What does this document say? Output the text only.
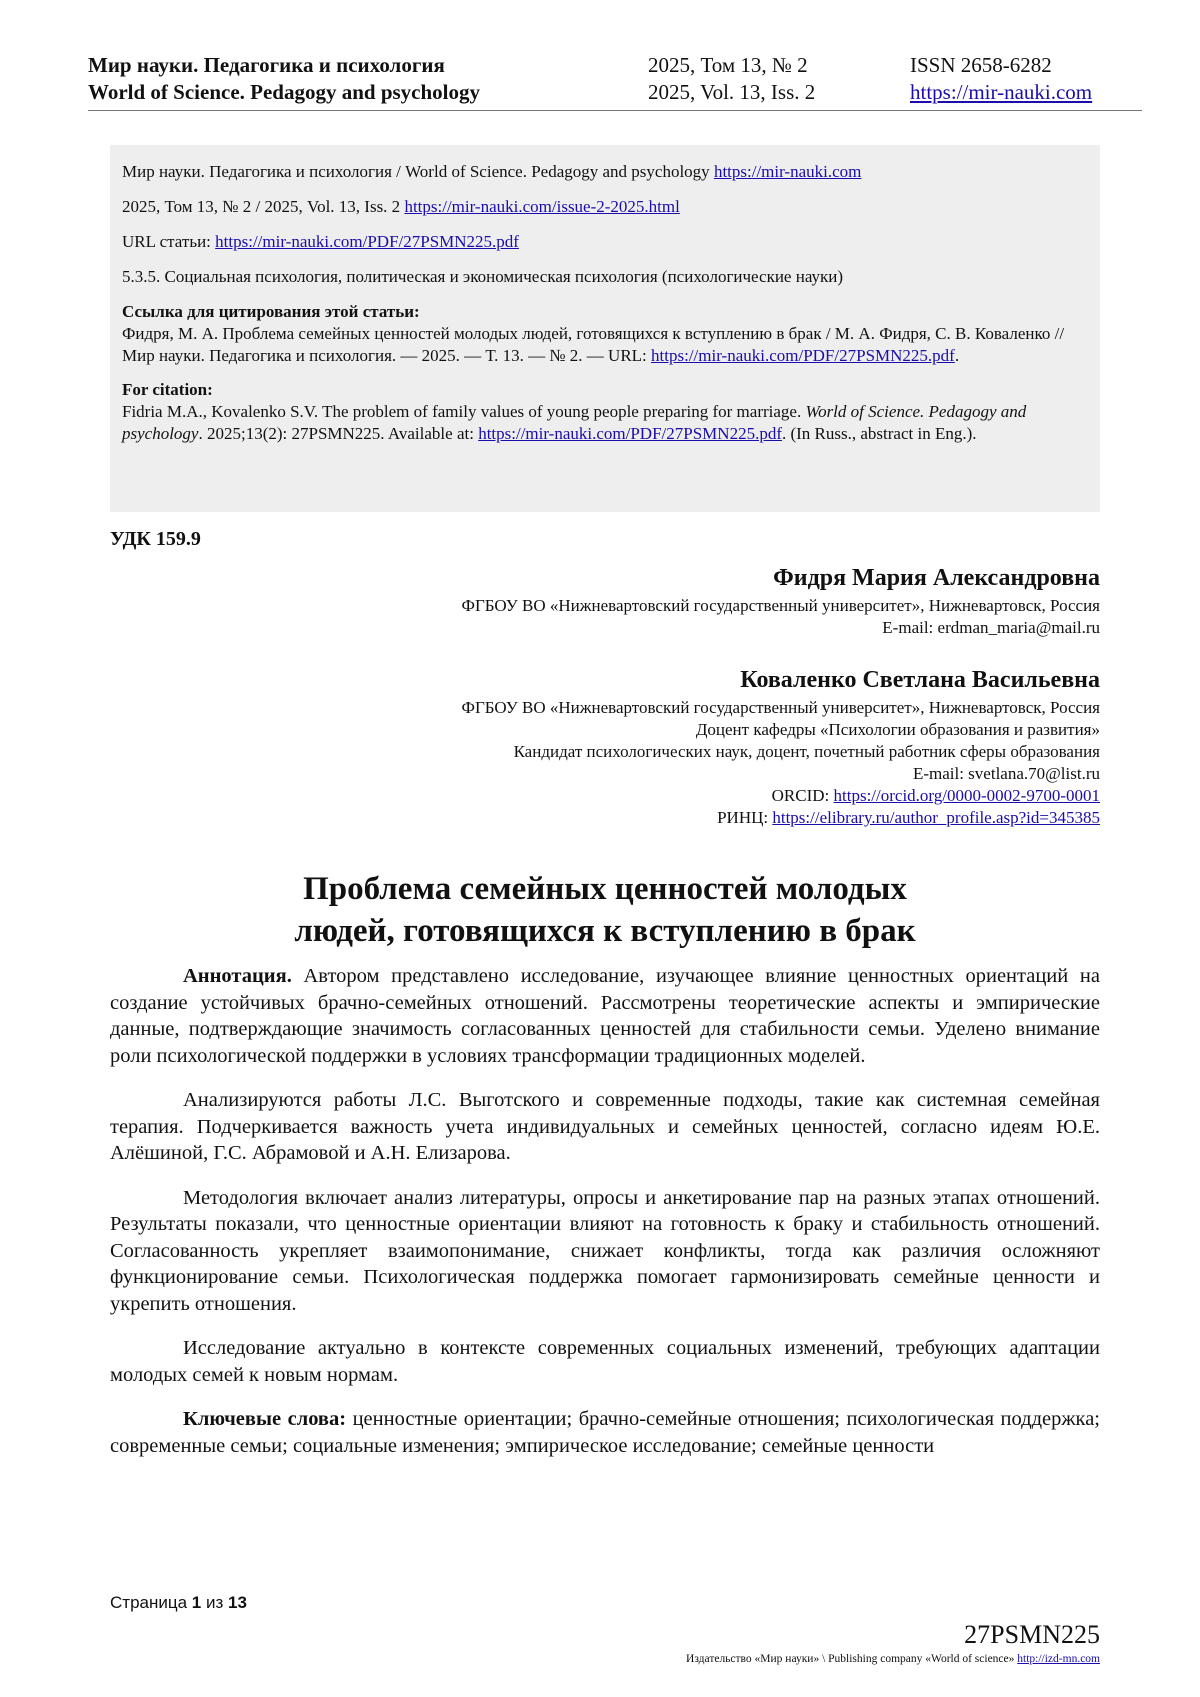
Мир науки. Педагогика и психология
World of Science. Pedagogy and psychology
2025, Том 13, № 2
2025, Vol. 13, Iss. 2
ISSN 2658-6282
https://mir-nauki.com

Мир науки. Педагогика и психология / World of Science. Pedagogy and psychology https://mir-nauki.com

2025, Том 13, № 2 / 2025, Vol. 13, Iss. 2 https://mir-nauki.com/issue-2-2025.html

URL статьи: https://mir-nauki.com/PDF/27PSMN225.pdf

5.3.5. Социальная психология, политическая и экономическая психология (психологические науки)

Ссылка для цитирования этой статьи:
Фидря, М. А. Проблема семейных ценностей молодых людей, готовящихся к вступлению в брак / М. А. Фидря, С. В. Коваленко // Мир науки. Педагогика и психология. — 2025. — Т. 13. — № 2. — URL: https://mir-nauki.com/PDF/27PSMN225.pdf.
For citation:
Fidria M.A., Kovalenko S.V. The problem of family values of young people preparing for marriage. World of Science. Pedagogy and psychology. 2025;13(2): 27PSMN225. Available at: https://mir-nauki.com/PDF/27PSMN225.pdf. (In Russ., abstract in Eng.).
УДК 159.9
Фидря Мария Александровна
ФГБОУ ВО «Нижневартовский государственный университет», Нижневартовск, Россия
E-mail: erdman_maria@mail.ru
Коваленко Светлана Васильевна
ФГБОУ ВО «Нижневартовский государственный университет», Нижневартовск, Россия
Доцент кафедры «Психологии образования и развития»
Кандидат психологических наук, доцент, почетный работник сферы образования
E-mail: svetlana.70@list.ru
ORCID: https://orcid.org/0000-0002-9700-0001
РИНЦ: https://elibrary.ru/author_profile.asp?id=345385
Проблема семейных ценностей молодых
людей, готовящихся к вступлению в брак

Аннотация. Автором представлено исследование, изучающее влияние ценностных ориентаций на создание устойчивых брачно-семейных отношений. Рассмотрены теоретические аспекты и эмпирические данные, подтверждающие значимость согласованных ценностей для стабильности семьи. Уделено внимание роли психологической поддержки в условиях трансформации традиционных моделей.

Анализируются работы Л.С. Выготского и современные подходы, такие как системная семейная терапия. Подчеркивается важность учета индивидуальных и семейных ценностей, согласно идеям Ю.Е. Алёшиной, Г.С. Абрамовой и А.Н. Елизарова.

Методология включает анализ литературы, опросы и анкетирование пар на разных этапах отношений. Результаты показали, что ценностные ориентации влияют на готовность к браку и стабильность отношений. Согласованность укрепляет взаимопонимание, снижает конфликты, тогда как различия осложняют функционирование семьи. Психологическая поддержка помогает гармонизировать семейные ценности и укрепить отношения.

Исследование актуально в контексте современных социальных изменений, требующих адаптации молодых семей к новым нормам.

Ключевые слова: ценностные ориентации; брачно-семейные отношения; психологическая поддержка; современные семьи; социальные изменения; эмпирическое исследование; семейные ценности

Страница 1 из 13
27PSMN225
Издательство «Мир науки» \ Publishing company «World of science» http://izd-mn.com
